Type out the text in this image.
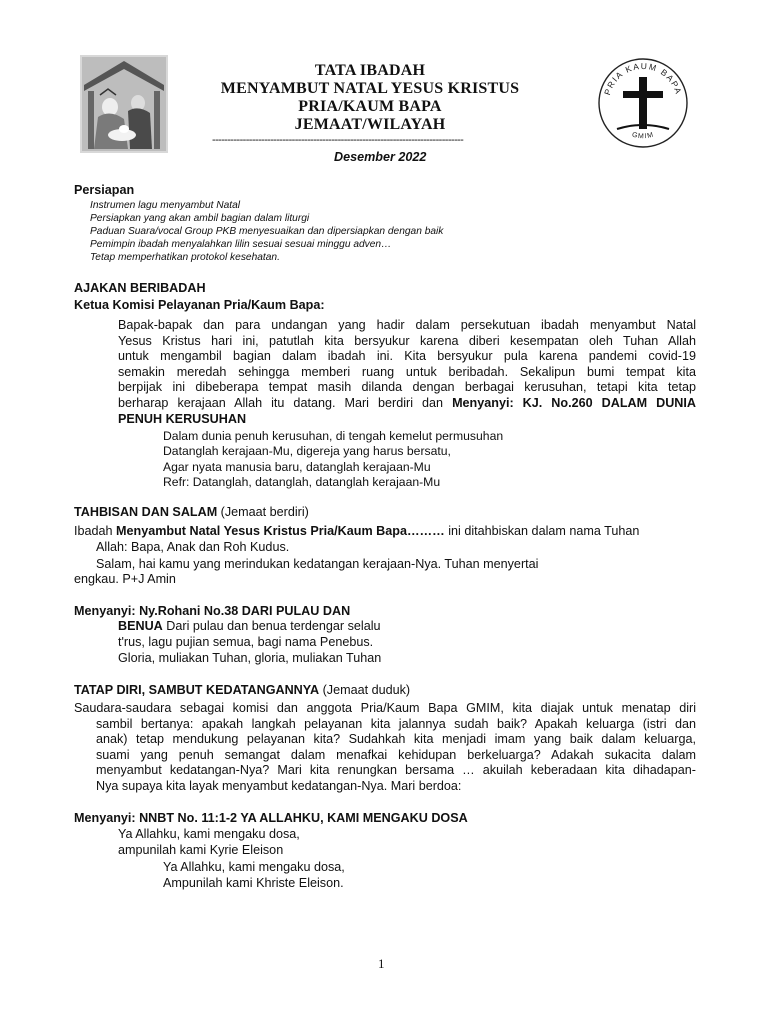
PRIA KAUM BAPA
GMIM
TATA IBADAH
MENYAMBUT NATAL YESUS KRISTUS
PRIA/KAUM BAPA
JEMAAT/WILAYAH
----------------------------------------------------------------------------------
Desember 2022
Persiapan
Instrumen lagu menyambut Natal
Persiapkan yang akan ambil bagian dalam liturgi
Paduan Suara/vocal Group PKB menyesuaikan dan dipersiapkan dengan baik
Pemimpin ibadah menyalahkan lilin sesuai sesuai minggu adven…
Tetap memperhatikan protokol kesehatan.
AJAKAN BERIBADAH
Ketua Komisi Pelayanan Pria/Kaum Bapa:
Bapak-bapak dan para undangan yang hadir dalam persekutuan ibadah menyambut Natal
Yesus Kristus hari ini, patutlah kita bersyukur karena diberi kesempatan oleh Tuhan Allah
untuk mengambil bagian dalam ibadah ini. Kita bersyukur pula karena pandemi covid-19
semakin meredah sehingga memberi ruang untuk beribadah. Sekalipun bumi tempat kita
berpijak ini dibeberapa tempat masih dilanda dengan berbagai kerusuhan, tetapi kita tetap
berharap kerajaan Allah itu datang. Mari berdiri dan Menyanyi: KJ. No.260 DALAM DUNIA
PENUH KERUSUHAN
Dalam dunia penuh kerusuhan, di tengah kemelut permusuhan
Datanglah kerajaan-Mu, digereja yang harus bersatu,
Agar nyata manusia baru, datanglah kerajaan-Mu
Refr: Datanglah, datanglah, datanglah kerajaan-Mu
TAHBISAN DAN SALAM (Jemaat berdiri)
Ibadah Menyambut Natal Yesus Kristus Pria/Kaum Bapa……… ini ditahbiskan dalam nama Tuhan
Allah: Bapa, Anak dan Roh Kudus.
Salam, hai kamu yang merindukan kedatangan kerajaan-Nya. Tuhan menyertai
engkau. P+J Amin
Menyanyi: Ny.Rohani No.38 DARI PULAU DAN
BENUA Dari pulau dan benua terdengar selalu
t'rus, lagu pujian semua, bagi nama Penebus.
Gloria, muliakan Tuhan, gloria, muliakan Tuhan
TATAP DIRI, SAMBUT KEDATANGANNYA (Jemaat duduk)
Saudara-saudara sebagai komisi dan anggota Pria/Kaum Bapa GMIM, kita diajak untuk menatap diri
sambil bertanya: apakah langkah pelayanan kita jalannya sudah baik? Apakah keluarga (istri dan
anak) tetap mendukung pelayanan kita? Sudahkah kita menjadi imam yang baik dalam keluarga,
suami yang penuh semangat dalam menafkai kehidupan berkeluarga? Adakah sukacita dalam
menyambut kedatangan-Nya? Mari kita renungkan bersama … akuilah keberadaan kita dihadapan-
Nya supaya kita layak menyambut kedatangan-Nya. Mari berdoa:
Menyanyi: NNBT No. 11:1-2 YA ALLAHKU, KAMI MENGAKU DOSA
Ya Allahku, kami mengaku dosa,
ampunilah kami Kyrie Eleison
Ya Allahku, kami mengaku dosa,
Ampunilah kami Khriste Eleison.
1
